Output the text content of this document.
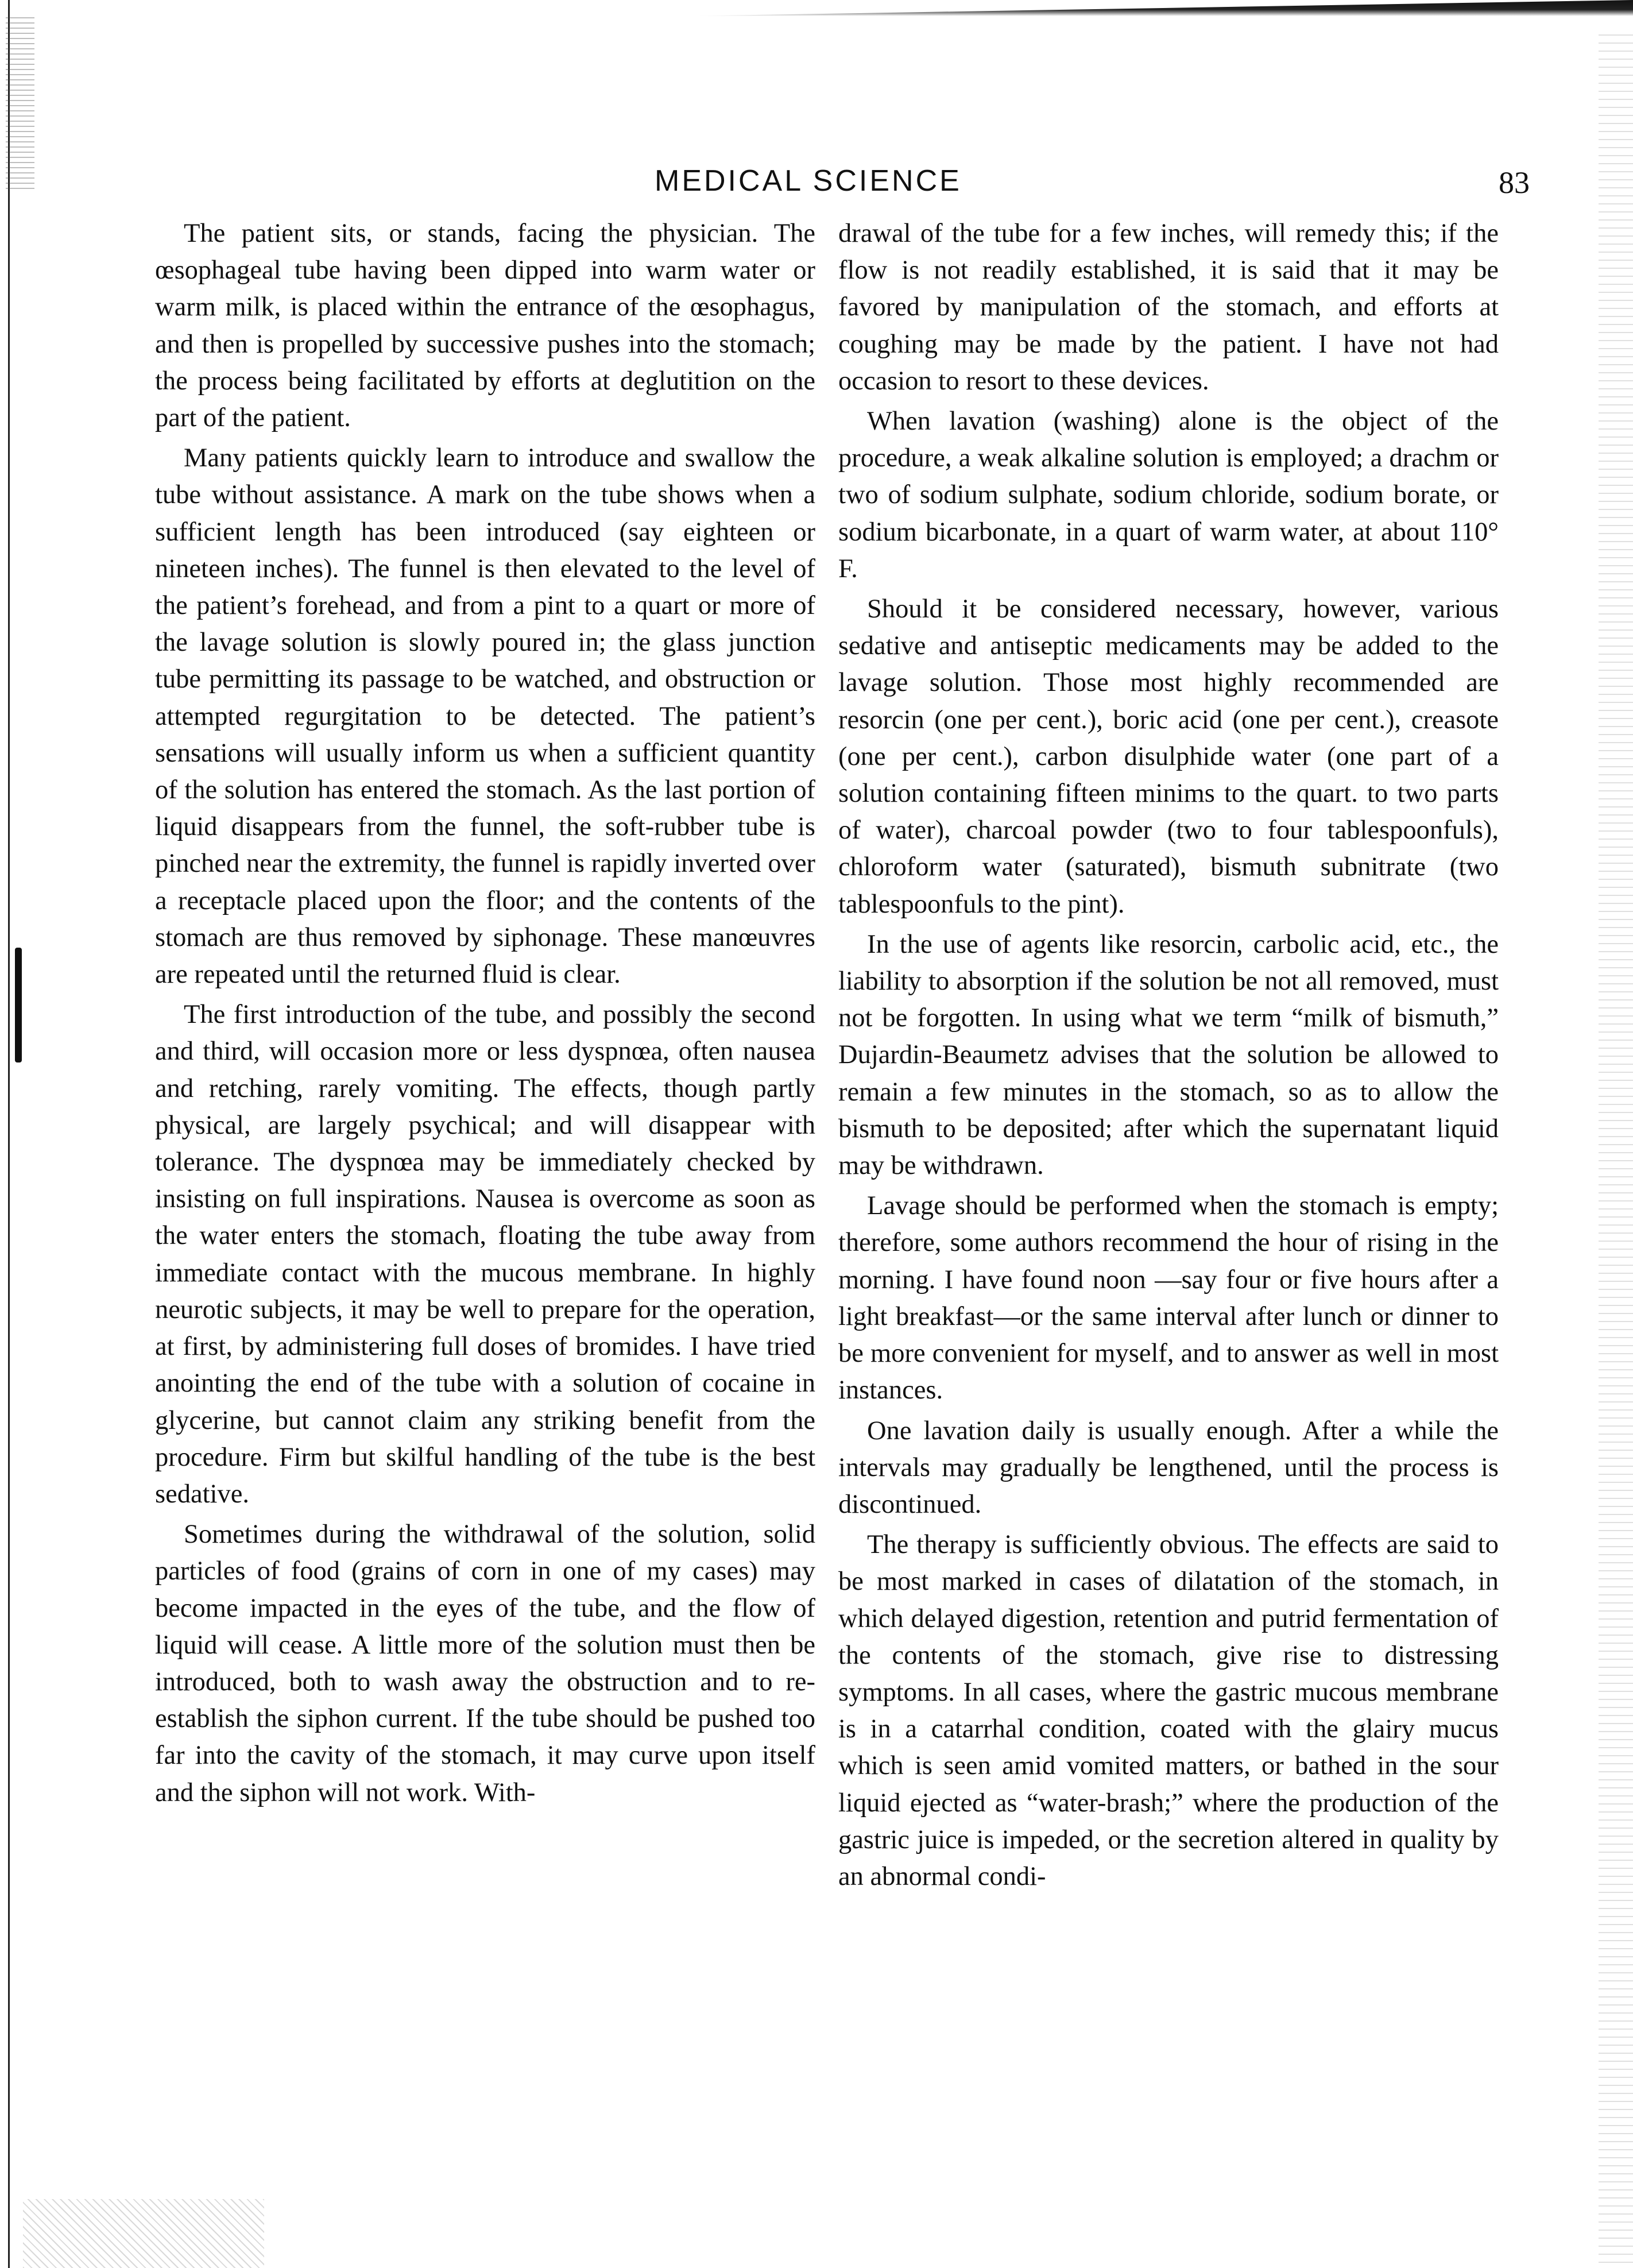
MEDICAL SCIENCE	83

The patient sits, or stands, facing the physician. The œsophageal tube having been dipped into warm water or warm milk, is placed within the entrance of the œsophagus, and then is propelled by successive pushes into the stomach; the process being facilitated by efforts at deglutition on the part of the patient.

Many patients quickly learn to introduce and swallow the tube without assistance. A mark on the tube shows when a sufficient length has been introduced (say eighteen or nineteen inches). The funnel is then elevated to the level of the patient’s forehead, and from a pint to a quart or more of the lavage solution is slowly poured in; the glass junction tube permitting its passage to be watched, and obstruction or attempted regurgitation to be detected. The patient’s sensations will usually inform us when a sufficient quantity of the solution has entered the stomach. As the last portion of liquid disappears from the funnel, the soft-rubber tube is pinched near the extremity, the funnel is rapidly inverted over a receptacle placed upon the floor; and the contents of the stomach are thus removed by siphonage. These manœuvres are repeated until the returned fluid is clear.

The first introduction of the tube, and possibly the second and third, will occasion more or less dyspnœa, often nausea and retching, rarely vomiting. The effects, though partly physical, are largely psychical; and will disappear with tolerance. The dyspnœa may be immediately checked by insisting on full inspirations. Nausea is overcome as soon as the water enters the stomach, floating the tube away from immediate contact with the mucous membrane. In highly neurotic subjects, it may be well to prepare for the operation, at first, by administering full doses of bromides. I have tried anointing the end of the tube with a solution of cocaine in glycerine, but cannot claim any striking benefit from the procedure. Firm but skilful handling of the tube is the best sedative.

Sometimes during the withdrawal of the solution, solid particles of food (grains of corn in one of my cases) may become impacted in the eyes of the tube, and the flow of liquid will cease. A little more of the solution must then be introduced, both to wash away the obstruction and to re-establish the siphon current. If the tube should be pushed too far into the cavity of the stomach, it may curve upon itself and the siphon will not work. With-

drawal of the tube for a few inches, will remedy this; if the flow is not readily established, it is said that it may be favored by manipulation of the stomach, and efforts at coughing may be made by the patient. I have not had occasion to resort to these devices.

When lavation (washing) alone is the object of the procedure, a weak alkaline solution is employed; a drachm or two of sodium sulphate, sodium chloride, sodium borate, or sodium bicarbonate, in a quart of warm water, at about 110° F.

Should it be considered necessary, however, various sedative and antiseptic medicaments may be added to the lavage solution. Those most highly recommended are resorcin (one per cent.), boric acid (one per cent.), creasote (one per cent.), carbon disulphide water (one part of a solution containing fifteen minims to the quart. to two parts of water), charcoal powder (two to four tablespoonfuls), chloroform water (saturated), bismuth subnitrate (two tablespoonfuls to the pint).

In the use of agents like resorcin, carbolic acid, etc., the liability to absorption if the solution be not all removed, must not be forgotten. In using what we term “milk of bismuth,” Dujardin-Beaumetz advises that the solution be allowed to remain a few minutes in the stomach, so as to allow the bismuth to be deposited; after which the supernatant liquid may be withdrawn.

Lavage should be performed when the stomach is empty; therefore, some authors recommend the hour of rising in the morning. I have found noon —say four or five hours after a light breakfast—or the same interval after lunch or dinner to be more convenient for myself, and to answer as well in most instances.

One lavation daily is usually enough. After a while the intervals may gradually be lengthened, until the process is discontinued.

The therapy is sufficiently obvious. The effects are said to be most marked in cases of dilatation of the stomach, in which delayed digestion, retention and putrid fermentation of the contents of the stomach, give rise to distressing symptoms. In all cases, where the gastric mucous membrane is in a catarrhal condition, coated with the glairy mucus which is seen amid vomited matters, or bathed in the sour liquid ejected as “water-brash;” where the production of the gastric juice is impeded, or the secretion altered in quality by an abnormal condi-
